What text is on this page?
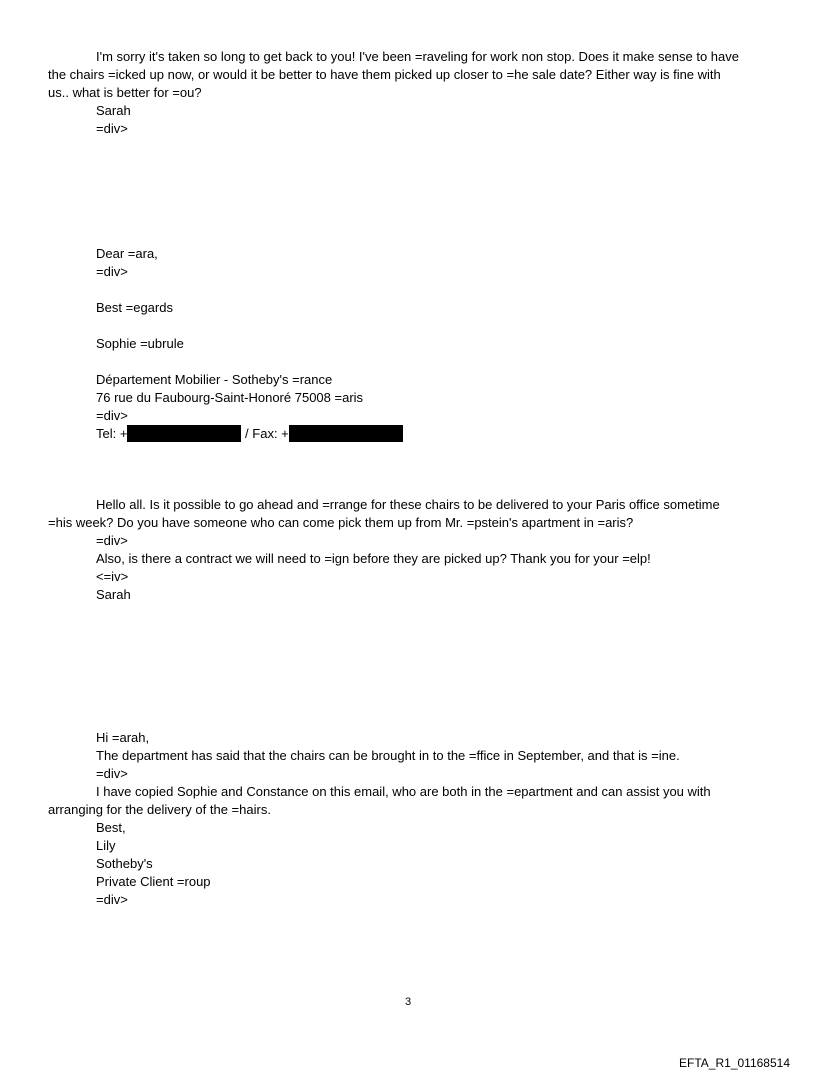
I'm sorry it's taken so long to get back to you! I've been =raveling for work non stop. Does it make sense to have
the chairs =icked up now, or would it be better to have them picked up closer to =he sale date? Either way is fine with
us.. what is better for =ou?
Sarah
=div>
Dear =ara,
=div>
Best =egards
Sophie =ubrule
Département Mobilier - Sotheby's =rance
76 rue du Faubourg-Saint-Honoré 75008 =aris
=div>
Tel: +	/ Fax: +
Hello all. Is it possible to go ahead and =rrange for these chairs to be delivered to your Paris office sometime
=his week? Do you have someone who can come pick them up from Mr. =pstein's apartment in =aris?
=div>
Also, is there a contract we will need to =ign before they are picked up? Thank you for your =elp!
<=iv>
Sarah
Hi =arah,
The department has said that the chairs can be brought in to the =ffice in September, and that is =ine.
=div>
I have copied Sophie and Constance on this email, who are both in the =epartment and can assist you with
arranging for the delivery of the =hairs.
Best,
Lily
Sotheby's
Private Client =roup
=div>
3
EFTA_R1_01168514
